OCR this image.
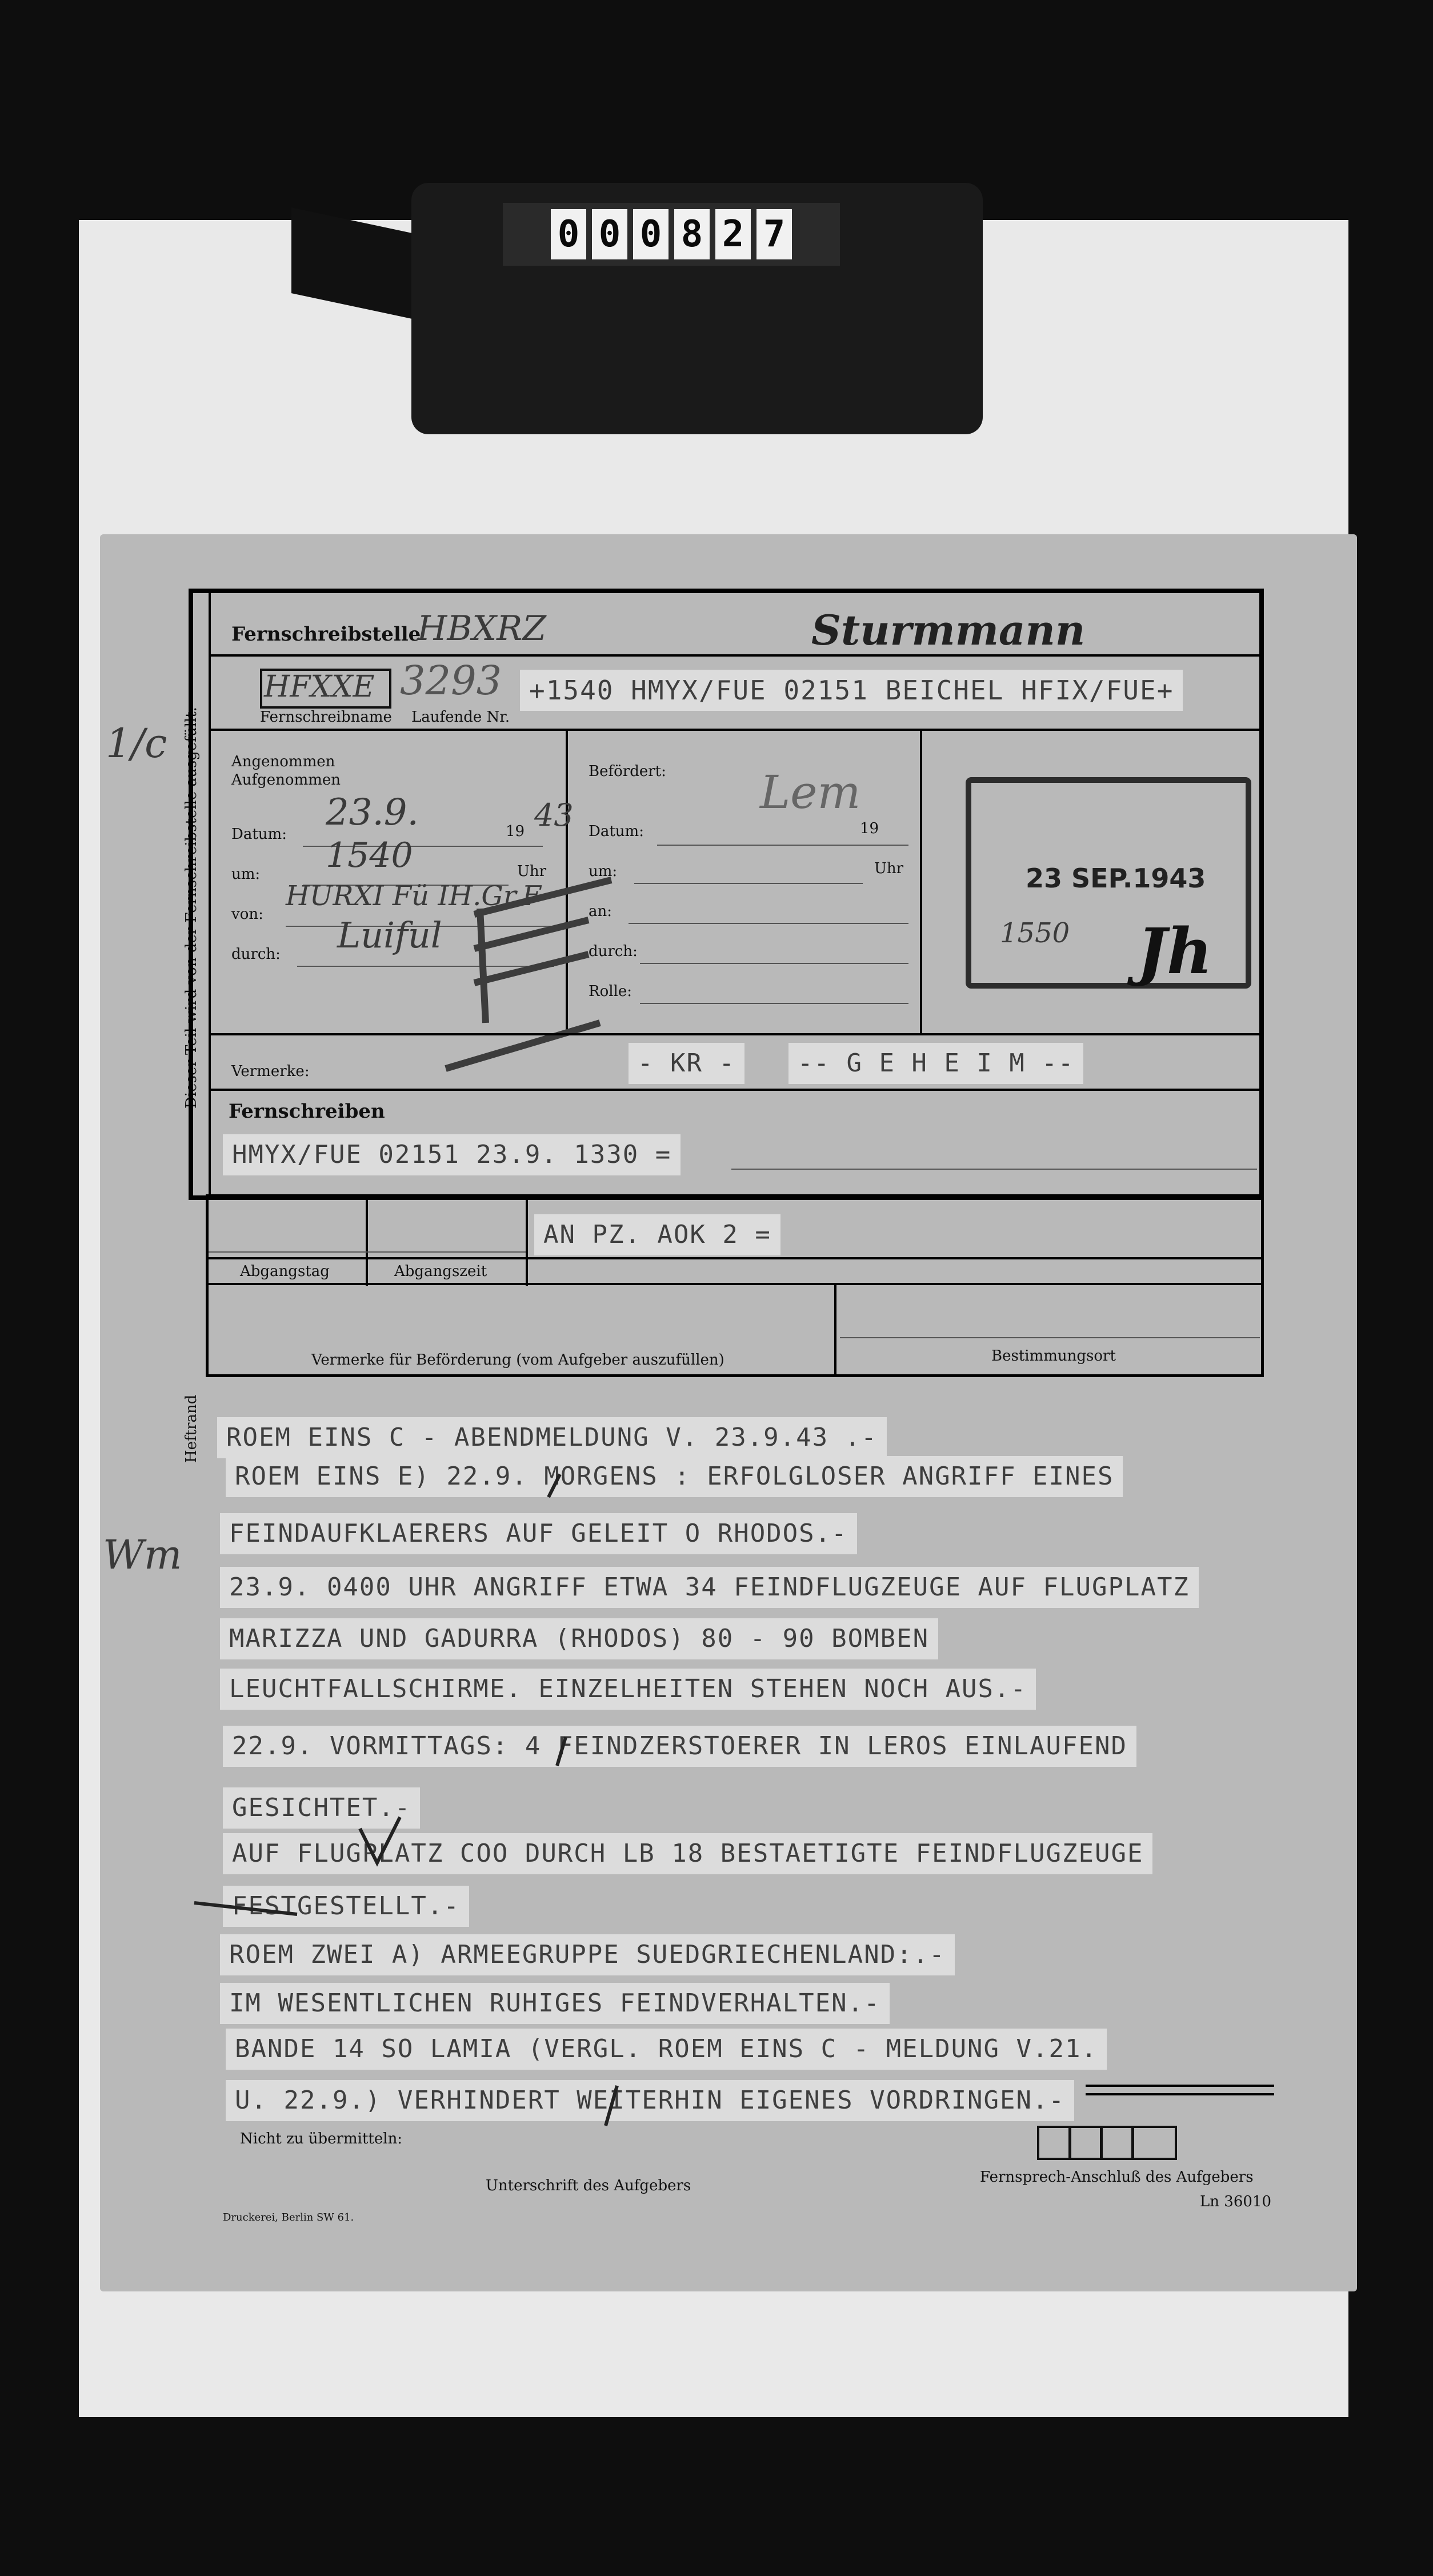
0 0 0 8 2 7
1/c Dieser Teil wird von der Fernschreibstelle ausgefüllt.
Wm
Heftrand
Fernschreibstelle
HBXRZ	Sturmmann
HFXXE 3293
Fernschreibname Laufende Nr.
+1540 HMYX/FUE 02151 BEICHEL HFIX/FUE+
Angenommen
Aufgenommen
Datum:
23.9.	19 43
um: 1540	Uhr
von:
HURXI Fü IH.Gr.F
durch: Luiful
Befördert: Lem
Datum:	19
um:	Uhr
an:
durch:
Rolle:
23 SEP.1943
1550 Jh
Vermerke:	- KR -	-- G E H E I M --
Fernschreiben
HMYX/FUE 02151 23.9. 1330 =
AN PZ. AOK 2 =
Abgangstag	Abgangszeit
Vermerke für Beförderung (vom Aufgeber auszufüllen)	Bestimmungsort
ROEM EINS C - ABENDMELDUNG V. 23.9.43 .-
ROEM EINS E) 22.9. MORGENS : ERFOLGLOSER ANGRIFF EINES
FEINDAUFKLAERERS AUF GELEIT O RHODOS.-
23.9. 0400 UHR ANGRIFF ETWA 34 FEINDFLUGZEUGE AUF FLUGPLATZ
MARIZZA UND GADURRA (RHODOS) 80 - 90 BOMBEN
LEUCHTFALLSCHIRME. EINZELHEITEN STEHEN NOCH AUS.-
22.9. VORMITTAGS: 4 FEINDZERSTOERER IN LEROS EINLAUFEND
GESICHTET.-
AUF FLUGPLATZ COO DURCH LB 18 BESTAETIGTE FEINDFLUGZEUGE
FESTGESTELLT.-
ROEM ZWEI A) ARMEEGRUPPE SUEDGRIECHENLAND:.-
IM WESENTLICHEN RUHIGES FEINDVERHALTEN.-
BANDE 14 SO LAMIA (VERGL. ROEM EINS C - MELDUNG V.21.
U. 22.9.) VERHINDERT WEITERHIN EIGENES VORDRINGEN.-
Nicht zu übermitteln:
Unterschrift des Aufgebers	Fernsprech-Anschluß des Aufgebers
Ln 36010
Druckerei, Berlin SW 61.
